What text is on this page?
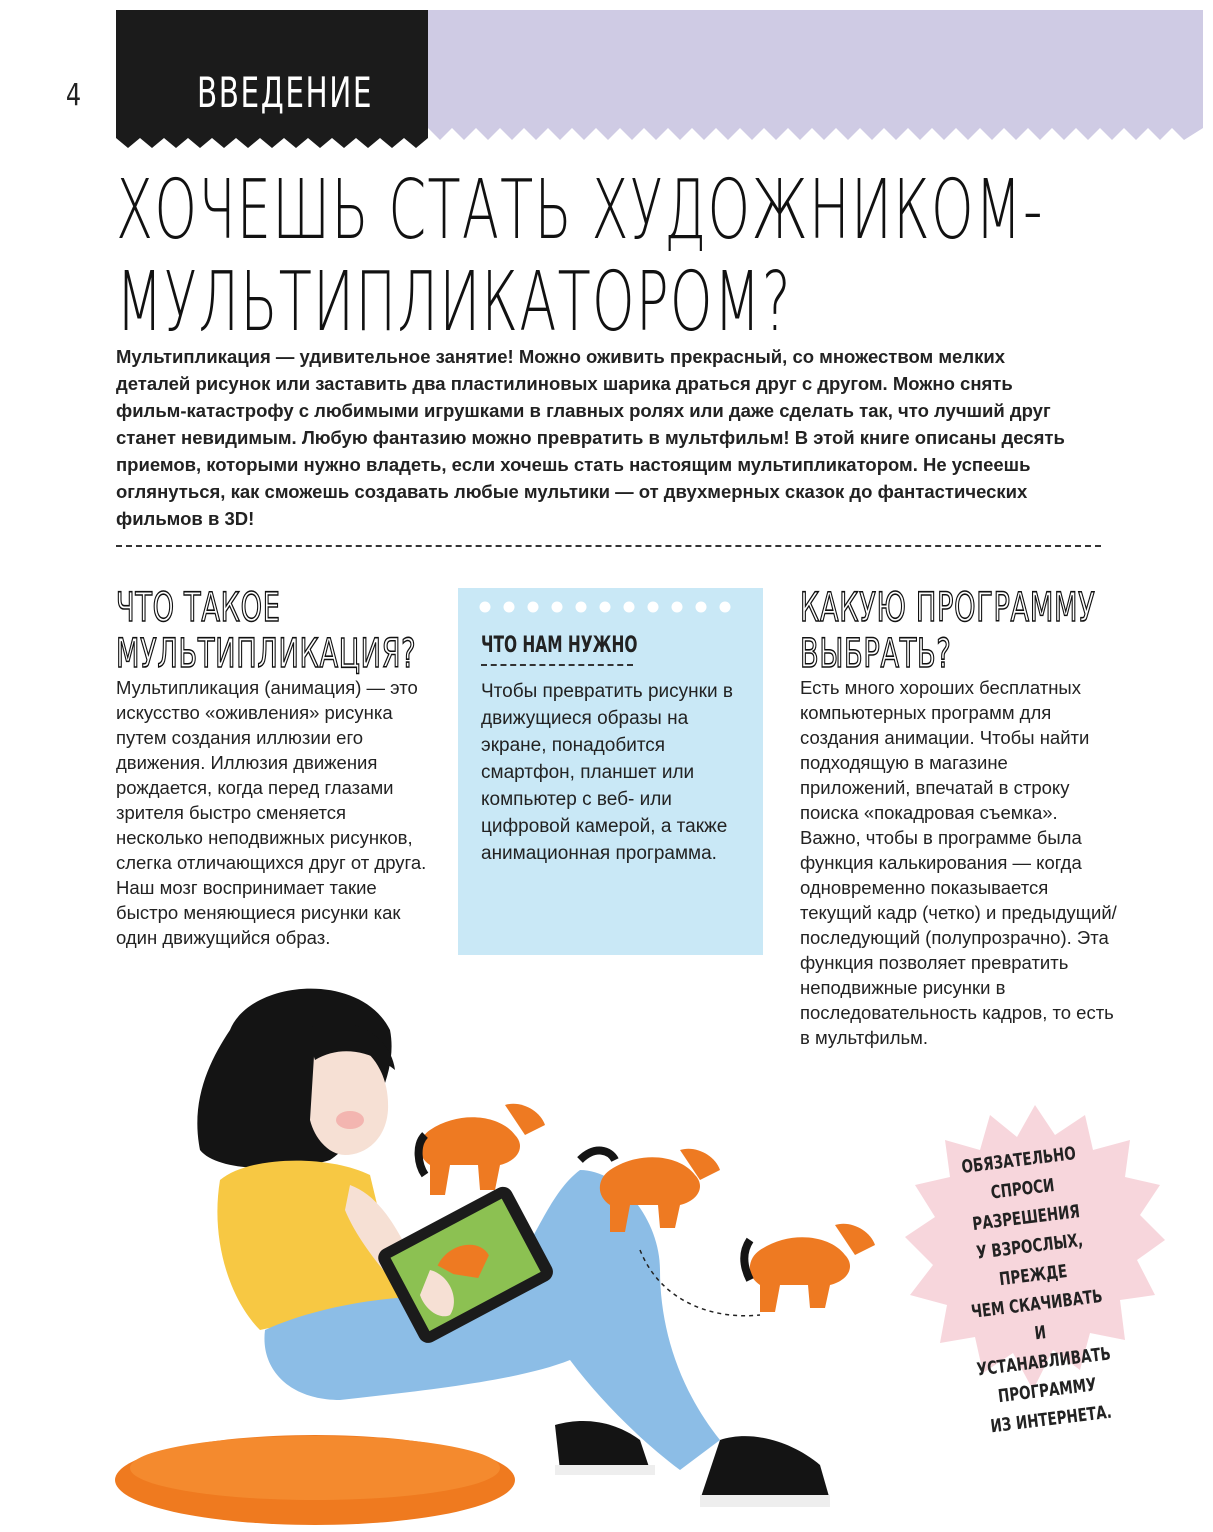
4	ВВЕДЕНИЕ
ХОЧЕШЬ СТАТЬ ХУДОЖНИКОМ-
МУЛЬТИПЛИКАТОРОМ?
Мультипликация — удивительное занятие! Можно оживить прекрасный, со множеством мелких деталей рисунок или заставить два пластилиновых шарика драться друг с другом. Можно снять фильм-катастрофу с любимыми игрушками в главных ролях или даже сделать так, что лучший друг станет невидимым. Любую фантазию можно превратить в мультфильм! В этой книге описаны десять приемов, которыми нужно владеть, если хочешь стать настоящим мультипликатором. Не успеешь оглянуться, как сможешь создавать любые мультики — от двухмерных сказок до фантастических фильмов в 3D!
ЧТО ТАКОЕ
МУЛЬТИПЛИКАЦИЯ?
Мультипликация (анимация) — это искусство «оживления» рисунка путем создания иллюзии его движения. Иллюзия движения рождается, когда перед глазами зрителя быстро сменяется несколько неподвижных рисунков, слегка отличающихся друг от друга. Наш мозг воспринимает такие быстро меняющиеся рисунки как один движущийся образ.
ЧТО НАМ НУЖНО
Чтобы превратить рисунки в движущиеся образы на экране, понадобится смартфон, планшет или компьютер с веб- или цифровой камерой, а также анимационная программа.
КАКУЮ ПРОГРАММУ
ВЫБРАТЬ?
Есть много хороших бесплатных компьютерных программ для создания анимации. Чтобы найти подходящую в магазине приложений, впечатай в строку поиска «покадровая съемка». Важно, чтобы в программе была функция калькирования — когда одновременно показывается текущий кадр (четко) и предыдущий/последующий (полупрозрачно). Эта функция позволяет превратить неподвижные рисунки в последовательность кадров, то есть в мультфильм.
ОБЯЗАТЕЛЬНО
СПРОСИ РАЗРЕШЕНИЯ
У ВЗРОСЛЫХ, ПРЕЖДЕ
ЧЕМ СКАЧИВАТЬ
И УСТАНАВЛИВАТЬ
ПРОГРАММУ
ИЗ ИНТЕРНЕТА.
